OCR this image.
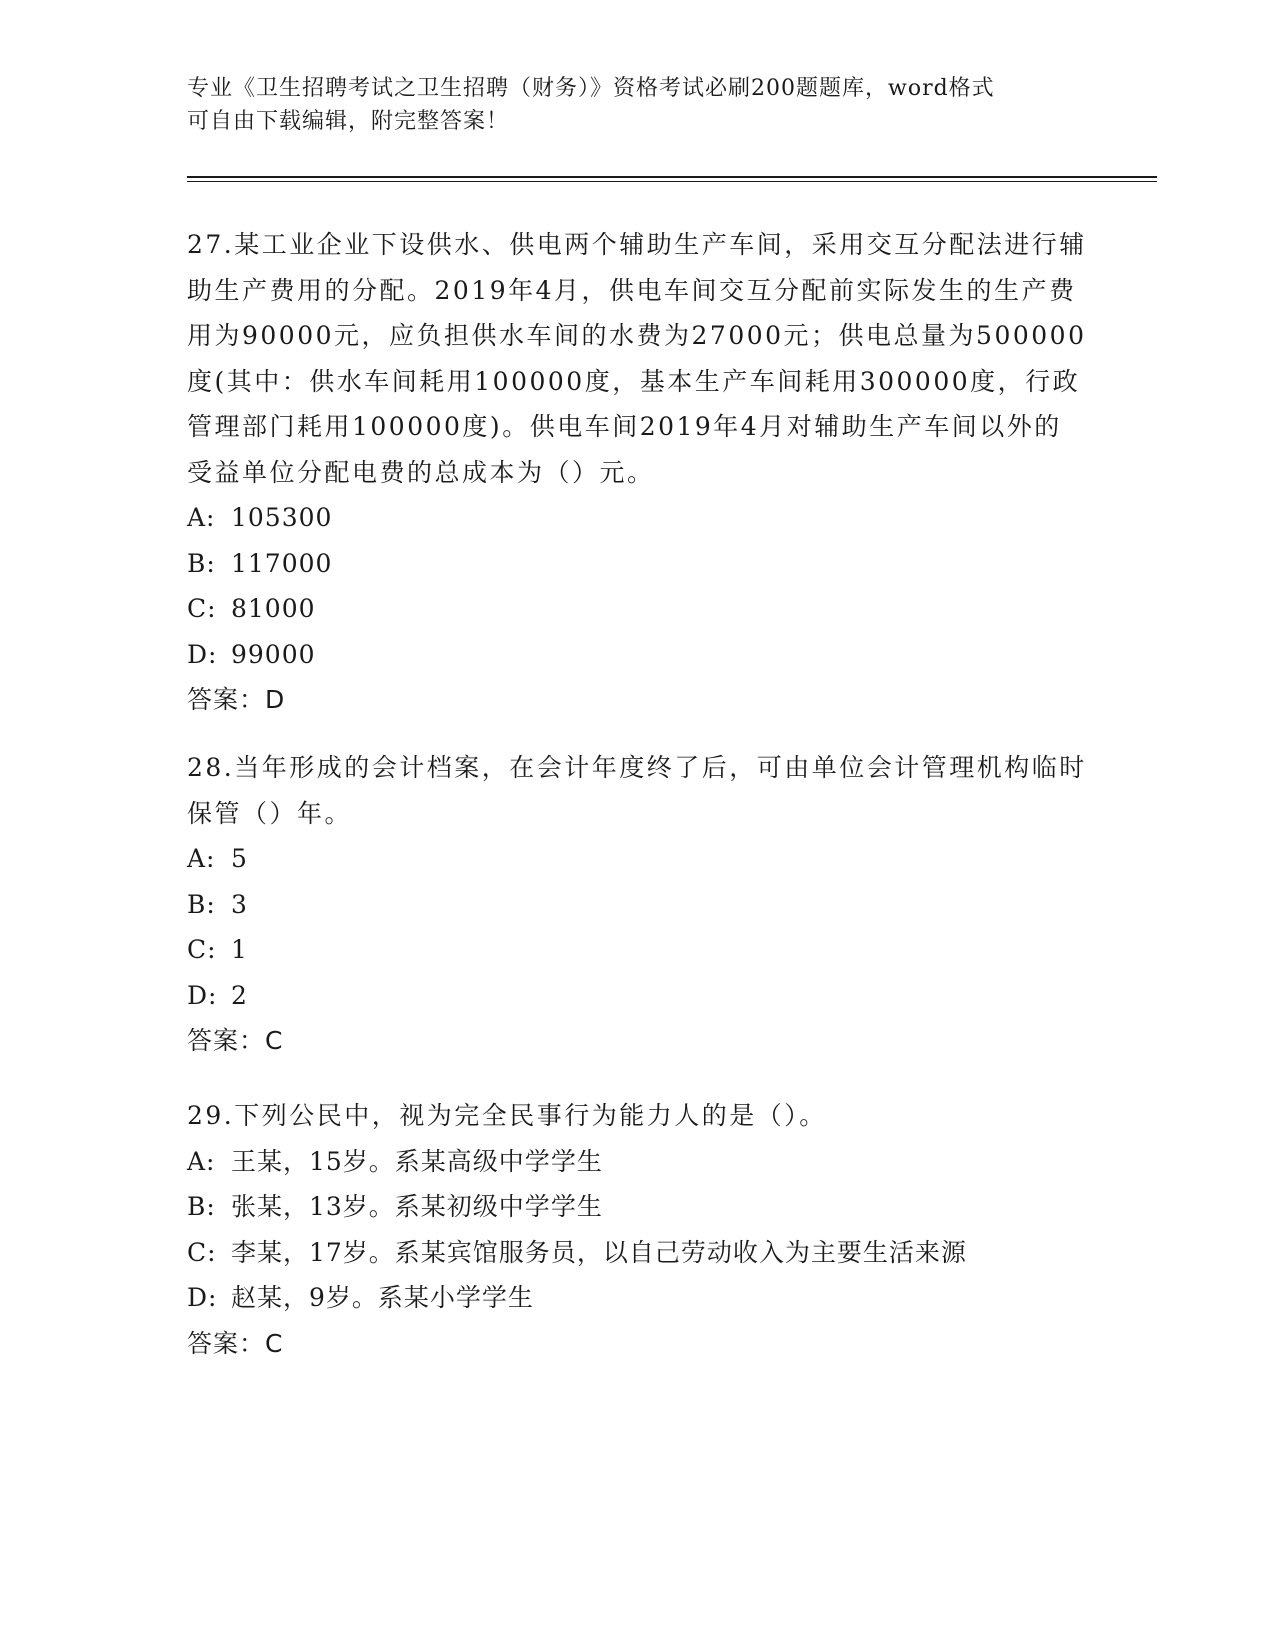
专业《卫生招聘考试之卫生招聘（财务）》资格考试必刷200题题库，word格式
可自由下载编辑，附完整答案！

27.某工业企业下设供水、供电两个辅助生产车间，采用交互分配法进行辅助生产费用的分配。2019年4月，供电车间交互分配前实际发生的生产费用为90000元，应负担供水车间的水费为27000元；供电总量为500000度(其中：供水车间耗用100000度，基本生产车间耗用300000度，行政管理部门耗用100000度)。供电车间2019年4月对辅助生产车间以外的受益单位分配电费的总成本为（）元。

A: 105300

B: 117000

C: 81000

D: 99000

答案：D

28.当年形成的会计档案，在会计年度终了后，可由单位会计管理机构临时保管（）年。

A: 5

B: 3

C: 1

D: 2

答案：C

29.下列公民中，视为完全民事行为能力人的是（）。

A: 王某，15岁。系某高级中学学生

B: 张某，13岁。系某初级中学学生

C: 李某，17岁。系某宾馆服务员，以自己劳动收入为主要生活来源

D: 赵某，9岁。系某小学学生

答案：C
